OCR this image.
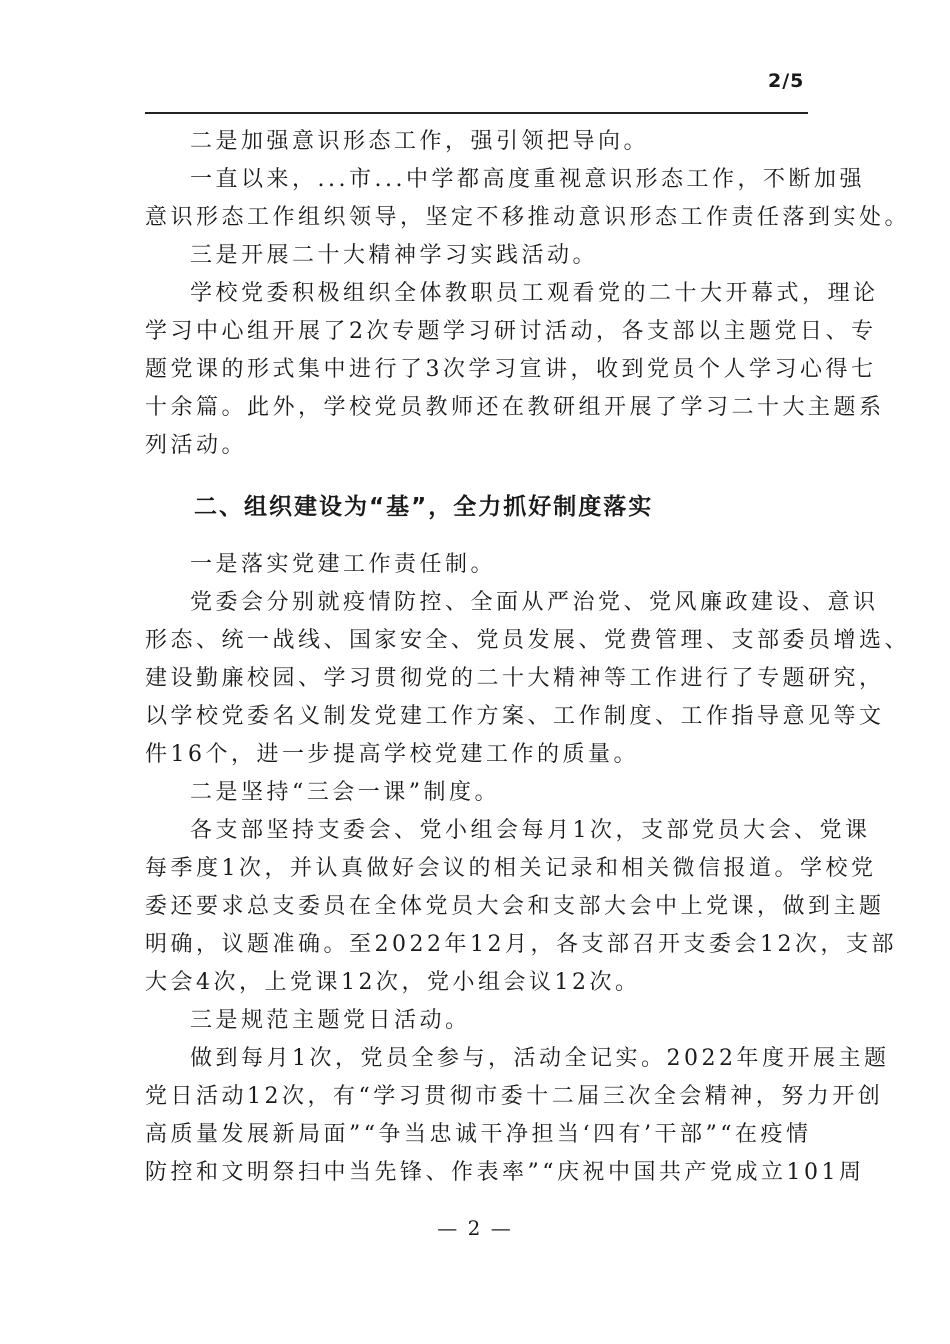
2/5
二是加强意识形态工作，强引领把导向。
一直以来，...市...中学都高度重视意识形态工作，不断加强
意识形态工作组织领导，坚定不移推动意识形态工作责任落到实处。
三是开展二十大精神学习实践活动。
学校党委积极组织全体教职员工观看党的二十大开幕式，理论
学习中心组开展了2次专题学习研讨活动，各支部以主题党日、专
题党课的形式集中进行了3次学习宣讲，收到党员个人学习心得七
十余篇。此外，学校党员教师还在教研组开展了学习二十大主题系
列活动。
二、组织建设为“基”，全力抓好制度落实
一是落实党建工作责任制。
党委会分别就疫情防控、全面从严治党、党风廉政建设、意识
形态、统一战线、国家安全、党员发展、党费管理、支部委员增选、
建设勤廉校园、学习贯彻党的二十大精神等工作进行了专题研究，
以学校党委名义制发党建工作方案、工作制度、工作指导意见等文
件16个，进一步提高学校党建工作的质量。
二是坚持“三会一课”制度。
各支部坚持支委会、党小组会每月1次，支部党员大会、党课
每季度1次，并认真做好会议的相关记录和相关微信报道。学校党
委还要求总支委员在全体党员大会和支部大会中上党课，做到主题
明确，议题准确。至2022年12月，各支部召开支委会12次，支部
大会4次，上党课12次，党小组会议12次。
三是规范主题党日活动。
做到每月1次，党员全参与，活动全记实。2022年度开展主题
党日活动12次，有“学习贯彻市委十二届三次全会精神，努力开创
高质量发展新局面”“争当忠诚干净担当‘四有’干部”“在疫情
防控和文明祭扫中当先锋、作表率”“庆祝中国共产党成立101周
— 2 —
